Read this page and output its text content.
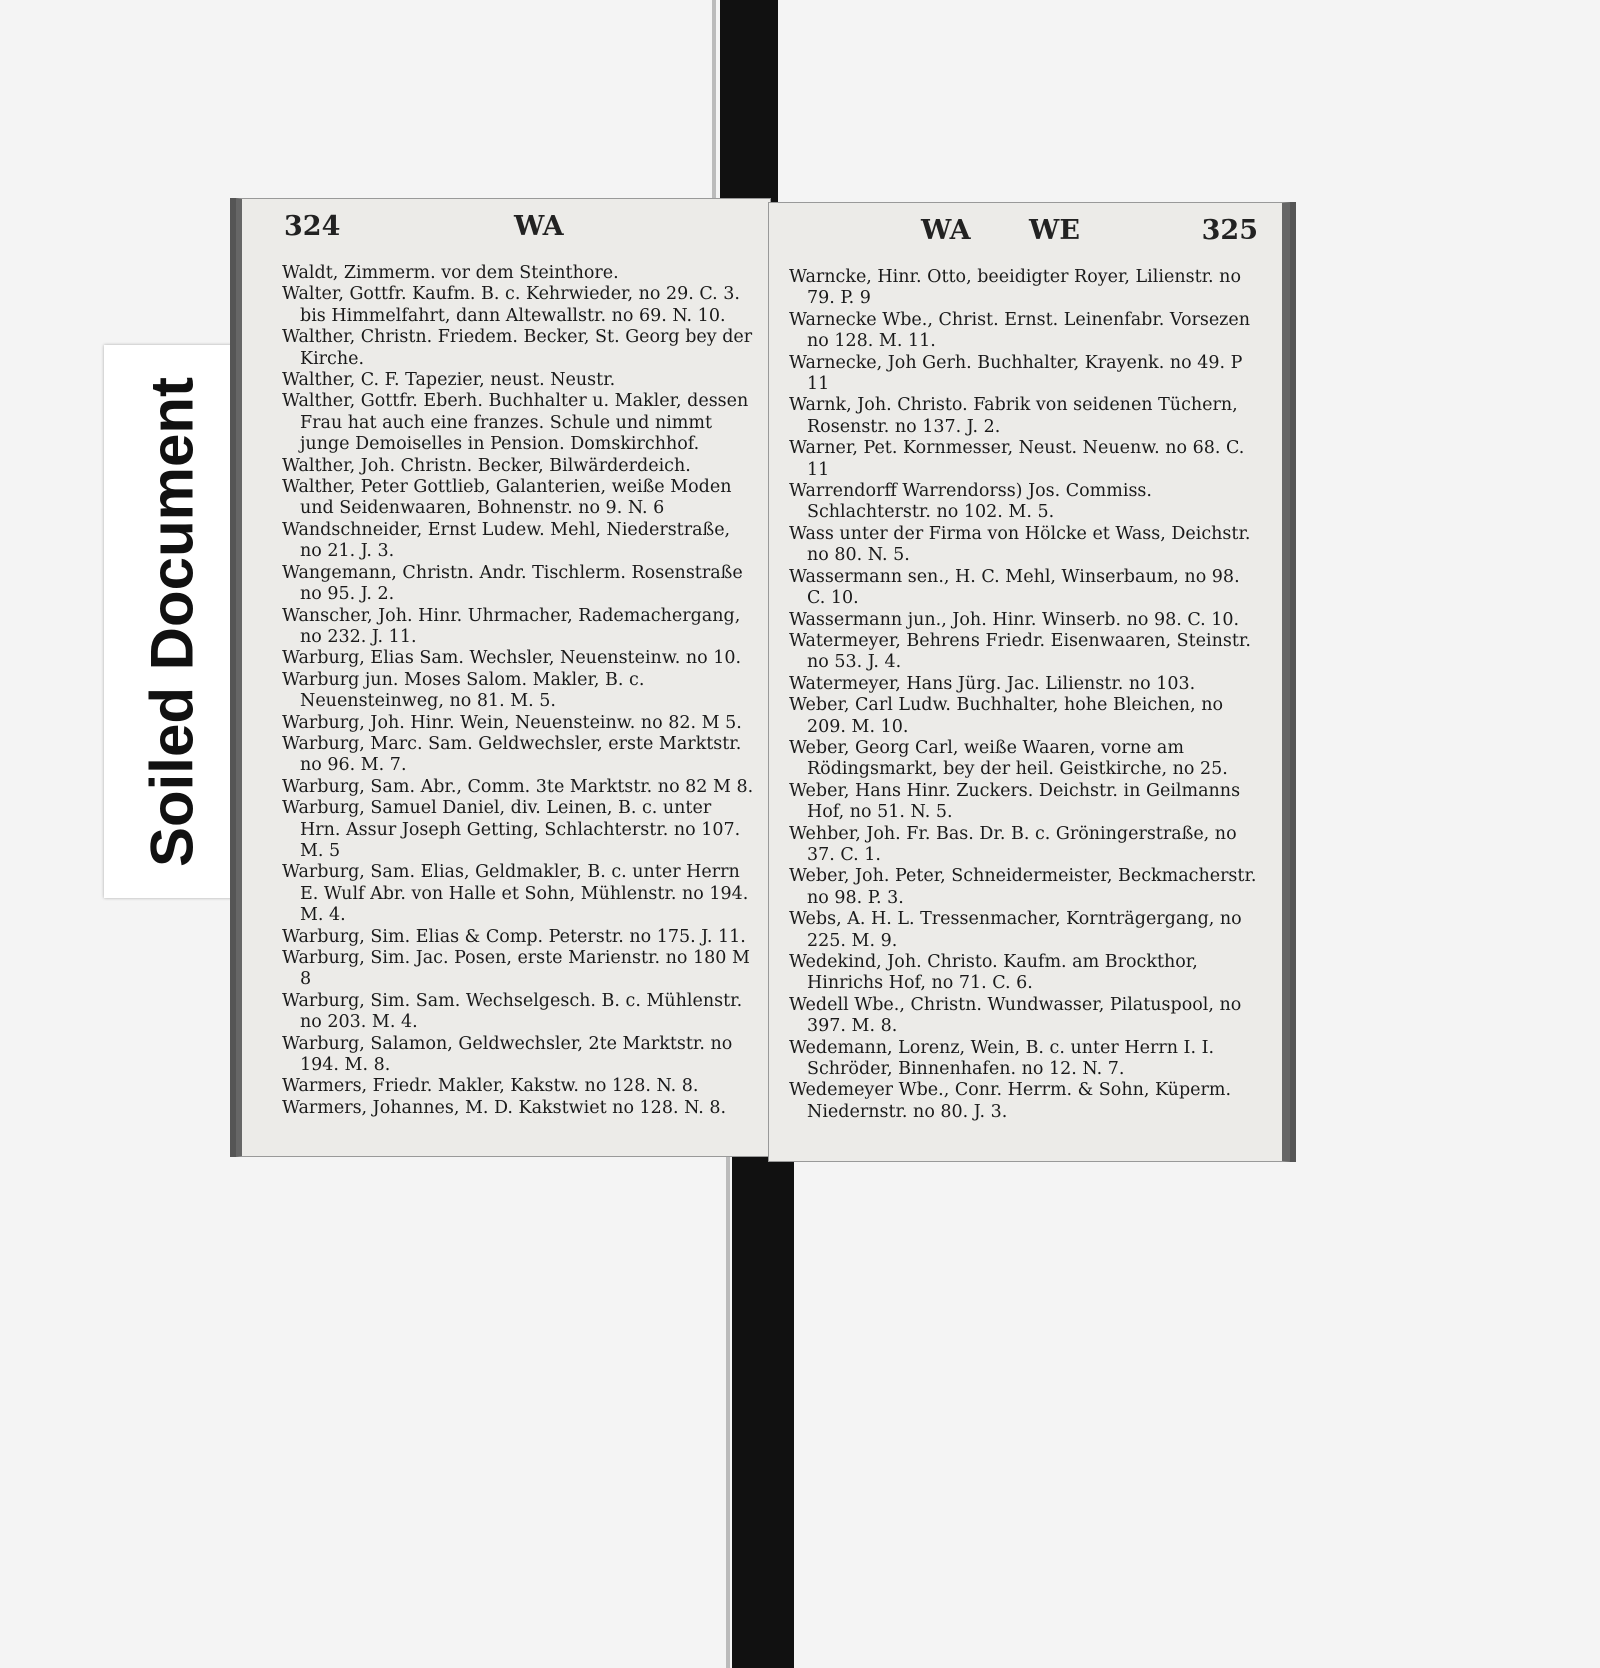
Soiled Document
324	WA
Waldt, Zimmerm. vor dem Steinthore.
Walter, Gottfr. Kaufm. B. c. Kehrwieder, no 29. C. 3. bis Himmelfahrt, dann Altewallstr. no 69. N. 10.
Walther, Christn. Friedem. Becker, St. Georg bey der Kirche.
Walther, C. F. Tapezier, neust. Neustr.
Walther, Gottfr. Eberh. Buchhalter u. Makler, dessen Frau hat auch eine franzes. Schule und nimmt junge Demoiselles in Pension. Domskirchhof.
Walther, Joh. Christn. Becker, Bilwärderdeich.
Walther, Peter Gottlieb, Galanterien, weiße Moden und Seidenwaaren, Bohnenstr. no 9. N. 6
Wandschneider, Ernst Ludew. Mehl, Niederstraße, no 21. J. 3.
Wangemann, Christn. Andr. Tischlerm. Rosenstraße no 95. J. 2.
Wanscher, Joh. Hinr. Uhrmacher, Rademachergang, no 232. J. 11.
Warburg, Elias Sam. Wechsler, Neuensteinw. no 10.
Warburg jun. Moses Salom. Makler, B. c. Neuensteinweg, no 81. M. 5.
Warburg, Joh. Hinr. Wein, Neuensteinw. no 82. M 5.
Warburg, Marc. Sam. Geldwechsler, erste Marktstr. no 96. M. 7.
Warburg, Sam. Abr., Comm. 3te Marktstr. no 82 M 8.
Warburg, Samuel Daniel, div. Leinen, B. c. unter Hrn. Assur Joseph Getting, Schlachterstr. no 107. M. 5
Warburg, Sam. Elias, Geldmakler, B. c. unter Herrn E. Wulf Abr. von Halle et Sohn, Mühlenstr. no 194. M. 4.
Warburg, Sim. Elias & Comp. Peterstr. no 175. J. 11.
Warburg, Sim. Jac. Posen, erste Marienstr. no 180 M 8
Warburg, Sim. Sam. Wechselgesch. B. c. Mühlenstr. no 203. M. 4.
Warburg, Salamon, Geldwechsler, 2te Marktstr. no 194. M. 8.
Warmers, Friedr. Makler, Kakstw. no 128. N. 8.
Warmers, Johannes, M. D. Kakstwiet no 128. N. 8.
WA WE	325
Warncke, Hinr. Otto, beeidigter Royer, Lilienstr. no 79. P. 9
Warnecke Wbe., Christ. Ernst. Leinenfabr. Vorsezen no 128. M. 11.
Warnecke, Joh Gerh. Buchhalter, Krayenk. no 49. P 11
Warnk, Joh. Christo. Fabrik von seidenen Tüchern, Rosenstr. no 137. J. 2.
Warner, Pet. Kornmesser, Neust. Neuenw. no 68. C. 11
Warrendorff Warrendorss) Jos. Commiss. Schlachterstr. no 102. M. 5.
Wass unter der Firma von Hölcke et Wass, Deichstr. no 80. N. 5.
Wassermann sen., H. C. Mehl, Winserbaum, no 98. C. 10.
Wassermann jun., Joh. Hinr. Winserb. no 98. C. 10.
Watermeyer, Behrens Friedr. Eisenwaaren, Steinstr. no 53. J. 4.
Watermeyer, Hans Jürg. Jac. Lilienstr. no 103.
Weber, Carl Ludw. Buchhalter, hohe Bleichen, no 209. M. 10.
Weber, Georg Carl, weiße Waaren, vorne am Rödingsmarkt, bey der heil. Geistkirche, no 25.
Weber, Hans Hinr. Zuckers. Deichstr. in Geilmanns Hof, no 51. N. 5.
Wehber, Joh. Fr. Bas. Dr. B. c. Gröningerstraße, no 37. C. 1.
Weber, Joh. Peter, Schneidermeister, Beckmacherstr. no 98. P. 3.
Webs, A. H. L. Tressenmacher, Kornträgergang, no 225. M. 9.
Wedekind, Joh. Christo. Kaufm. am Brockthor, Hinrichs Hof, no 71. C. 6.
Wedell Wbe., Christn. Wundwasser, Pilatuspool, no 397. M. 8.
Wedemann, Lorenz, Wein, B. c. unter Herrn I. I. Schröder, Binnenhafen. no 12. N. 7.
Wedemeyer Wbe., Conr. Herrm. & Sohn, Küperm. Niedernstr. no 80. J. 3.
